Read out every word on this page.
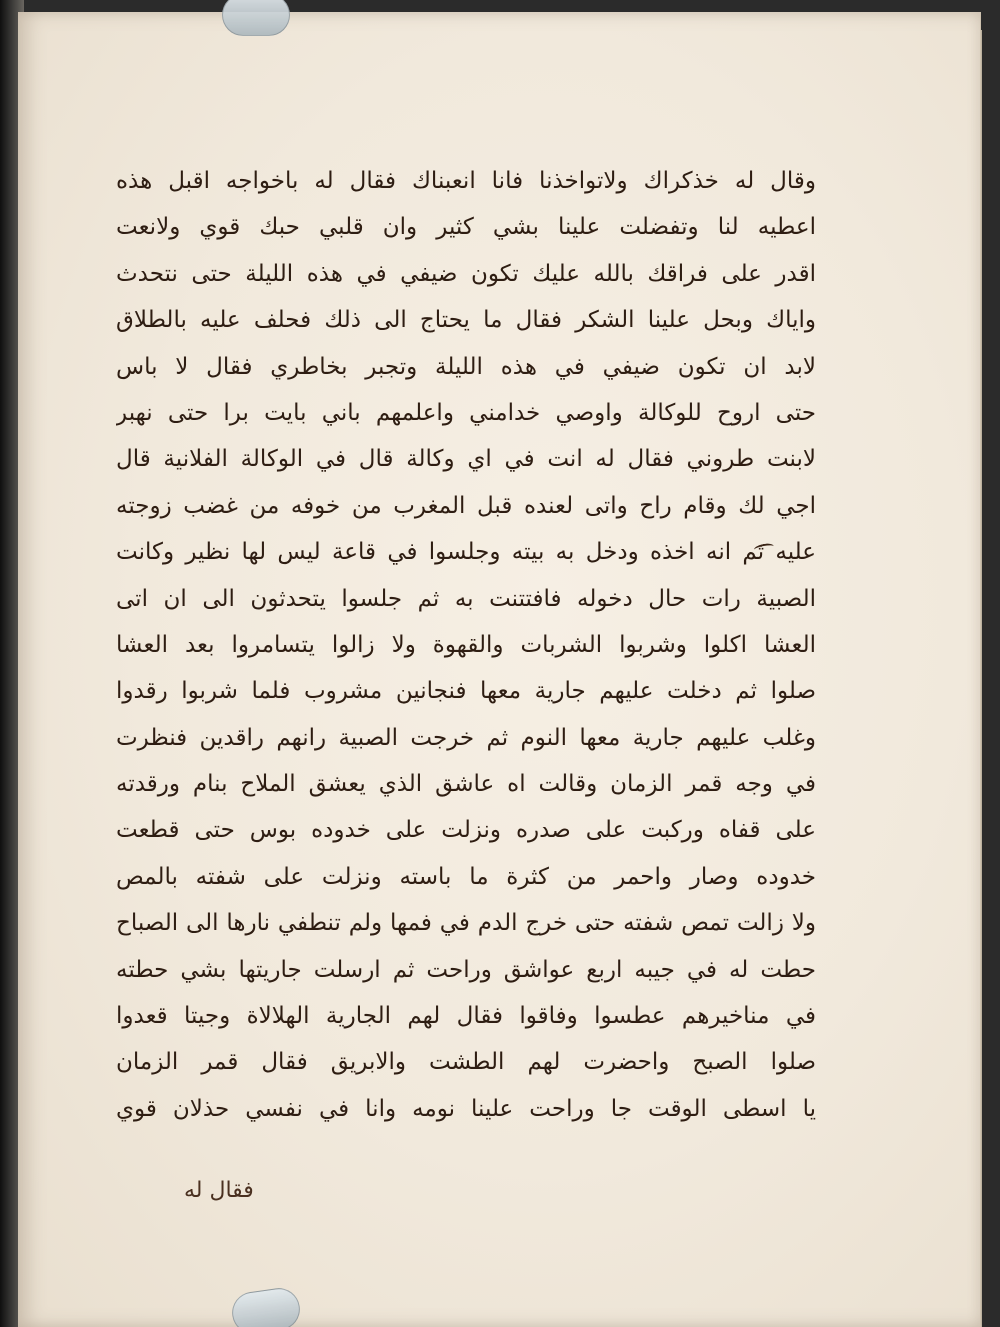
وقال له خذكراك ولاتواخذنا فانا انعبناك فقال له باخواجه اقبل هذه
اعطيه لنا وتفضلت علينا بشي كثير وان قلبي حبك قوي ولانعت
اقدر على فراقك بالله عليك تكون ضيفي في هذه الليلة حتى نتحدث
واياك وبحل علينا الشكر فقال ما يحتاج الى ذلك فحلف عليه بالطلاق
لابد ان تكون ضيفي في هذه الليلة وتجبر بخاطري فقال لا باس
حتى اروح للوكالة واوصي خدامني واعلمهم باني بايت برا حتى نهبر
لابنت طروني فقال له انت في اي وكالة قال في الوكالة الفلانية قال
اجي لك وقام راح واتى لعنده قبل المغرب من خوفه من غضب زوجته
عليه ثم انه اخذه ودخل به بيته وجلسوا في قاعة ليس لها نظير وكانت
الصبية رات حال دخوله فافتتنت به ثم جلسوا يتحدثون الى ان اتى
العشا اكلوا وشربوا الشربات والقهوة ولا زالوا يتسامروا بعد العشا
صلوا ثم دخلت عليهم جارية معها فنجانين مشروب فلما شربوا رقدوا
وغلب عليهم جارية معها النوم ثم خرجت الصبية رانهم راقدين فنظرت
في وجه قمر الزمان وقالت اه عاشق الذي يعشق الملاح بنام ورقدته
على قفاه وركبت على صدره ونزلت على خدوده بوس حتى قطعت
خدوده وصار واحمر من كثرة ما باسته ونزلت على شفته بالمص
ولا زالت تمص شفته حتى خرج الدم في فمها ولم تنطفي نارها الى الصباح
حطت له في جيبه اربع عواشق وراحت ثم ارسلت جاريتها بشي حطته
في مناخيرهم عطسوا وفاقوا فقال لهم الجارية الهلالاة وجيتا قعدوا
صلوا الصبح واحضرت لهم الطشت والابريق فقال قمر الزمان
يا اسطى الوقت جا وراحت علينا نومه وانا في نفسي حذلان قوي
فقال له
